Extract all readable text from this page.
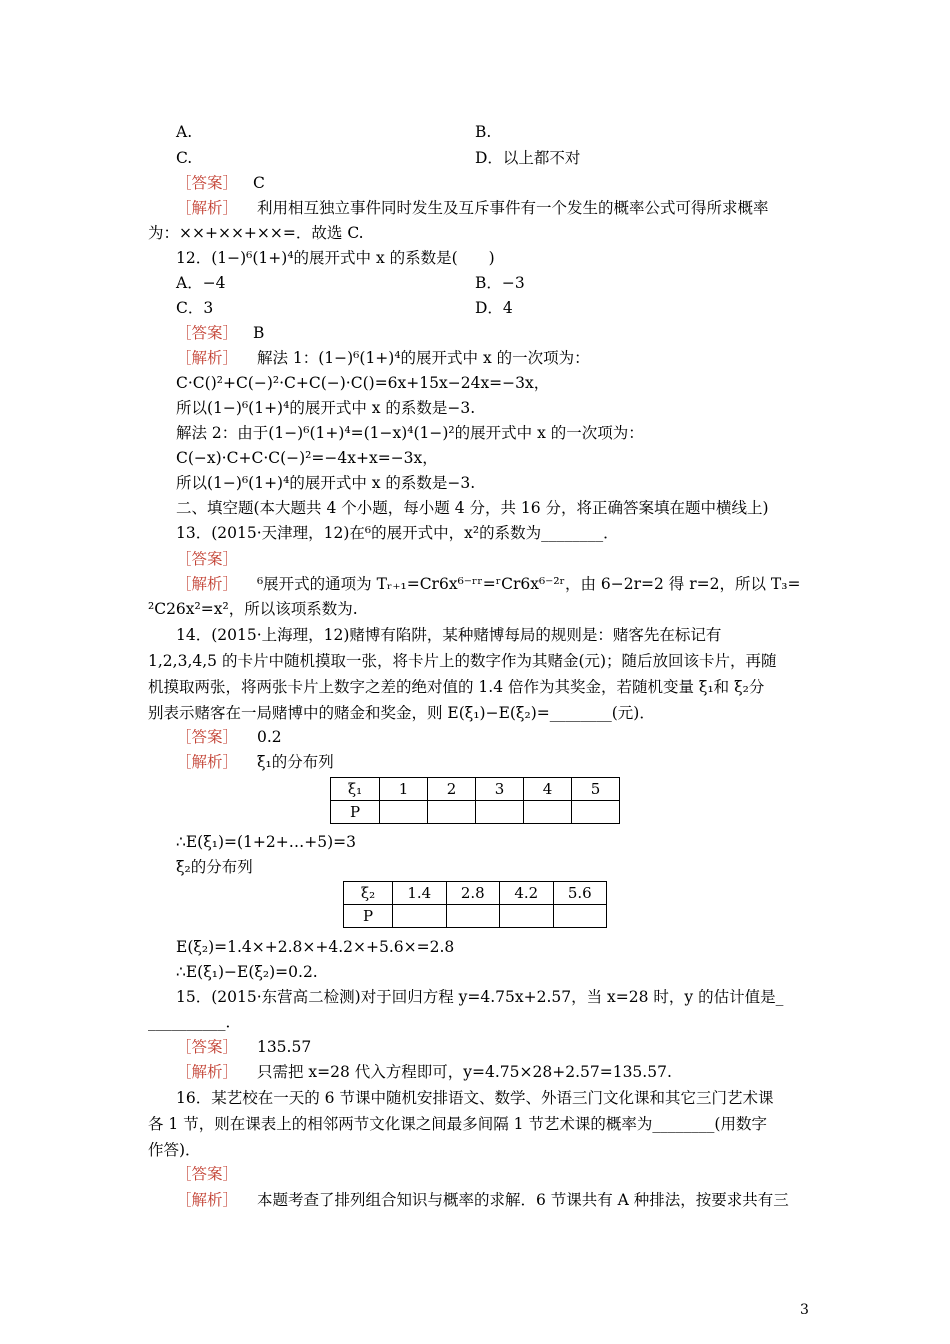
A.	B.
C.	D．以上都不对
［答案］ C
［解析］ 利用相互独立事件同时发生及互斥事件有一个发生的概率公式可得所求概率
为：××+××+××=．故选 C.
12．(1−)⁶(1+)⁴的展开式中 x 的系数是(　　)
A．−4	B．−3
C．3	D．4
［答案］ B
［解析］ 解法 1：(1−)⁶(1+)⁴的展开式中 x 的一次项为：
C·C()²+C(−)²·C+C(−)·C()=6x+15x−24x=−3x，
所以(1−)⁶(1+)⁴的展开式中 x 的系数是−3.
解法 2：由于(1−)⁶(1+)⁴=(1−x)⁴(1−)²的展开式中 x 的一次项为：
C(−x)·C+C·C(−)²=−4x+x=−3x，
所以(1−)⁶(1+)⁴的展开式中 x 的系数是−3.
二、填空题(本大题共 4 个小题，每小题 4 分，共 16 分，将正确答案填在题中横线上)
13．(2015·天津理，12)在⁶的展开式中，x²的系数为________．
［答案］
［解析］ ⁶展开式的通项为 Tᵣ₊₁=Cr6x⁶⁻ʳʳ=ʳCr6x⁶⁻²ʳ，由 6−2r=2 得 r=2，所以 T₃=
²C26x²=x²，所以该项系数为.
14．(2015·上海理，12)赌博有陷阱，某种赌博每局的规则是：赌客先在标记有
1,2,3,4,5 的卡片中随机摸取一张，将卡片上的数字作为其赌金(元)；随后放回该卡片，再随
机摸取两张，将两张卡片上数字之差的绝对值的 1.4 倍作为其奖金，若随机变量 ξ₁和 ξ₂分
别表示赌客在一局赌博中的赌金和奖金，则 E(ξ₁)−E(ξ₂)=________(元)．
［答案］ 0.2
［解析］ ξ₁的分布列
ξ₁	1	2	3	4	5
P					
∴E(ξ₁)=(1+2+…+5)=3
ξ₂的分布列
ξ₂	1.4	2.8	4.2	5.6
P				
E(ξ₂)=1.4×+2.8×+4.2×+5.6×=2.8
∴E(ξ₁)−E(ξ₂)=0.2.
15．(2015·东营高二检测)对于回归方程 y=4.75x+2.57，当 x=28 时，y 的估计值是_
__________．
［答案］ 135.57
［解析］ 只需把 x=28 代入方程即可，y=4.75×28+2.57=135.57.
16．某艺校在一天的 6 节课中随机安排语文、数学、外语三门文化课和其它三门艺术课
各 1 节，则在课表上的相邻两节文化课之间最多间隔 1 节艺术课的概率为________(用数字
作答)．
［答案］
［解析］ 本题考查了排列组合知识与概率的求解．6 节课共有 A 种排法，按要求共有三
3
